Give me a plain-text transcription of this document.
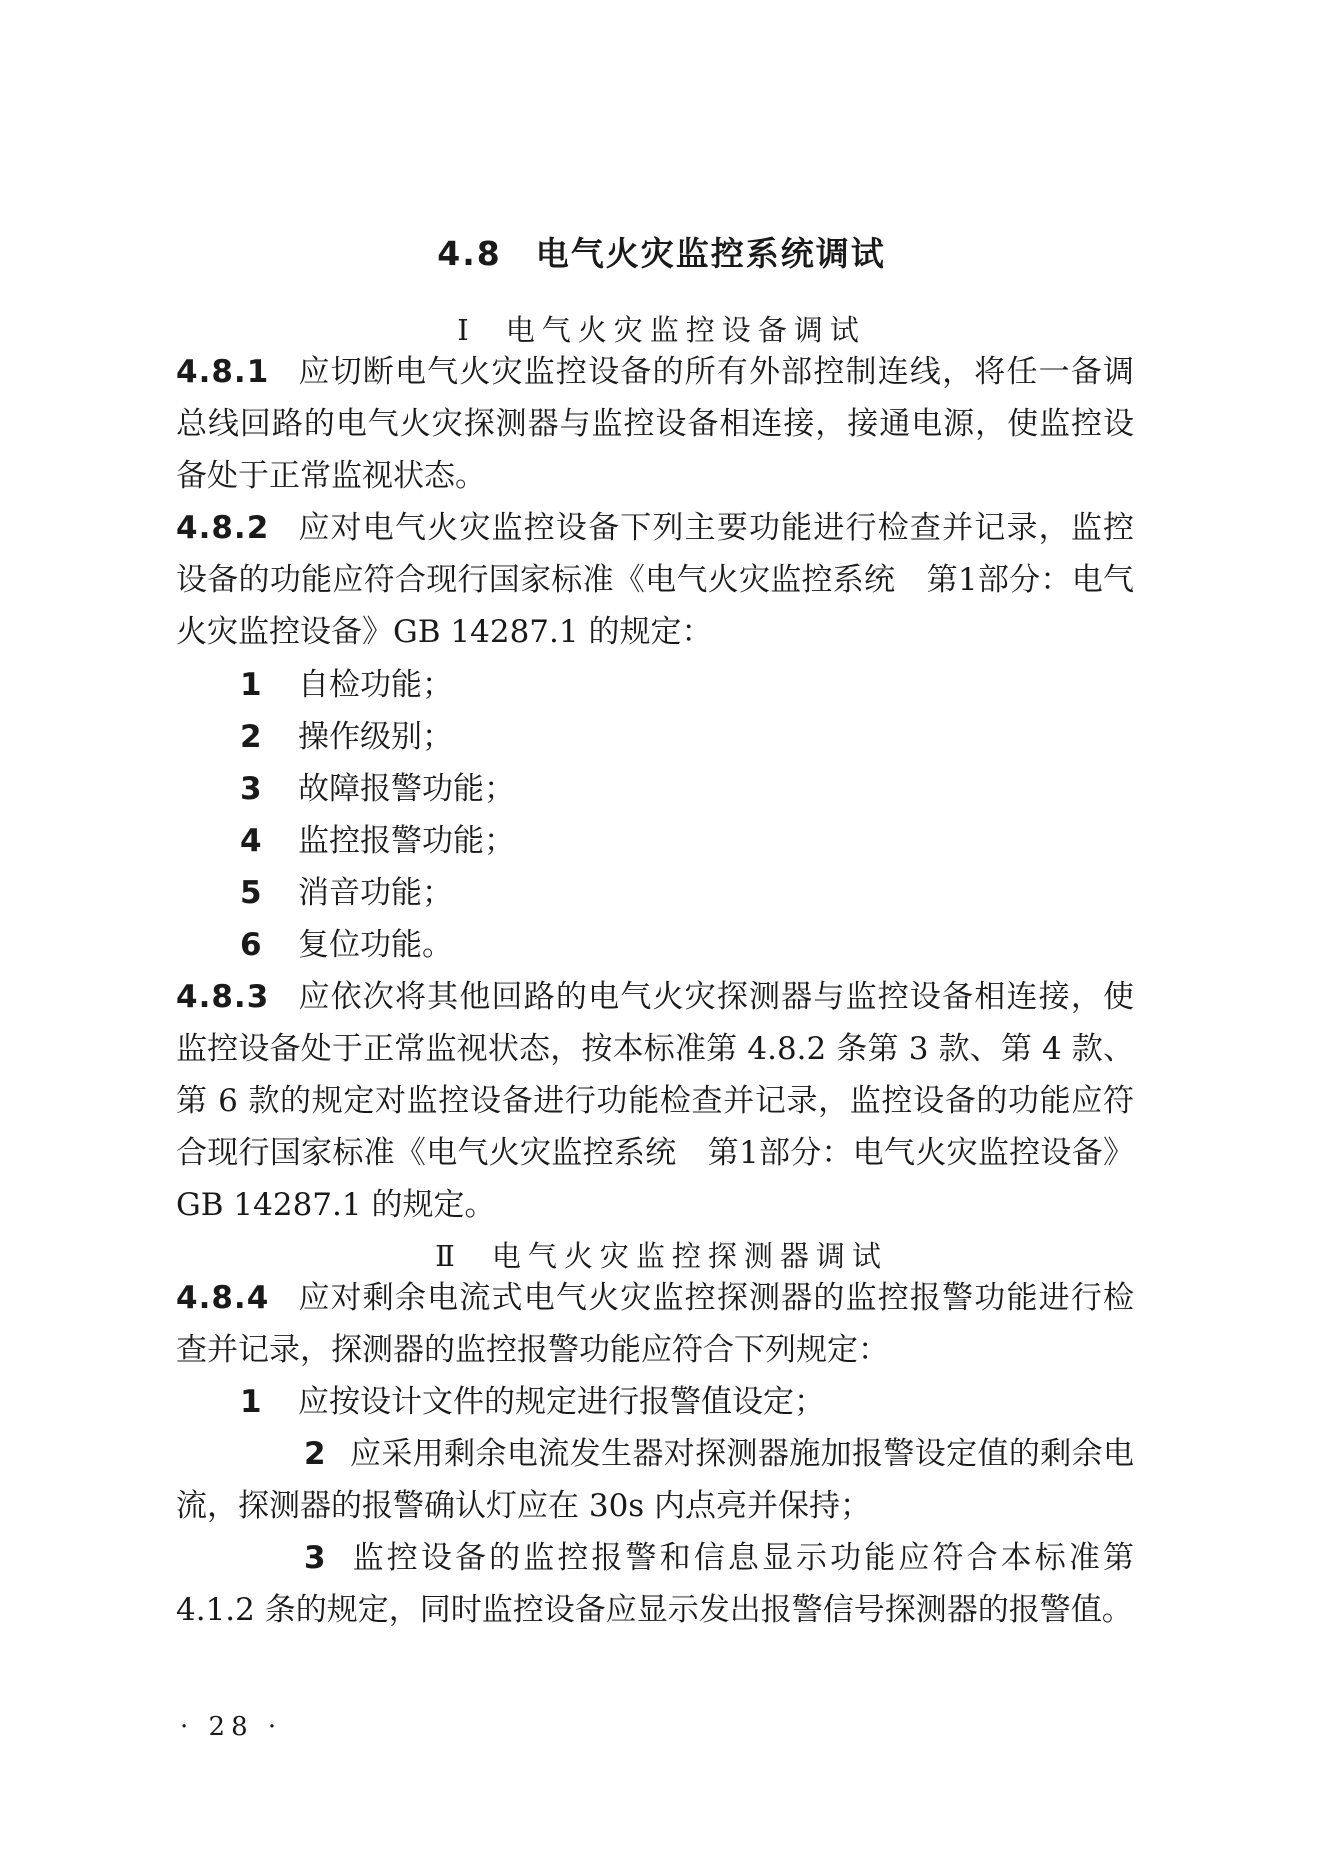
4.8 电气火灾监控系统调试
Ⅰ 电气火灾监控设备调试
4.8.1 应切断电气火灾监控设备的所有外部控制连线，将任一备调总线回路的电气火灾探测器与监控设备相连接，接通电源，使监控设备处于正常监视状态。
4.8.2 应对电气火灾监控设备下列主要功能进行检查并记录，监控设备的功能应符合现行国家标准《电气火灾监控系统　第1部分：电气火灾监控设备》GB 14287.1 的规定：
1 自检功能；
2 操作级别；
3 故障报警功能；
4 监控报警功能；
5 消音功能；
6 复位功能。
4.8.3 应依次将其他回路的电气火灾探测器与监控设备相连接，使监控设备处于正常监视状态，按本标准第 4.8.2 条第 3 款、第 4 款、第 6 款的规定对监控设备进行功能检查并记录，监控设备的功能应符合现行国家标准《电气火灾监控系统　第1部分：电气火灾监控设备》GB 14287.1 的规定。
Ⅱ 电气火灾监控探测器调试
4.8.4 应对剩余电流式电气火灾监控探测器的监控报警功能进行检查并记录，探测器的监控报警功能应符合下列规定：
1 应按设计文件的规定进行报警值设定；
2 应采用剩余电流发生器对探测器施加报警设定值的剩余电流，探测器的报警确认灯应在 30s 内点亮并保持；
3 监控设备的监控报警和信息显示功能应符合本标准第 4.1.2 条的规定，同时监控设备应显示发出报警信号探测器的报警值。
· 28 ·
